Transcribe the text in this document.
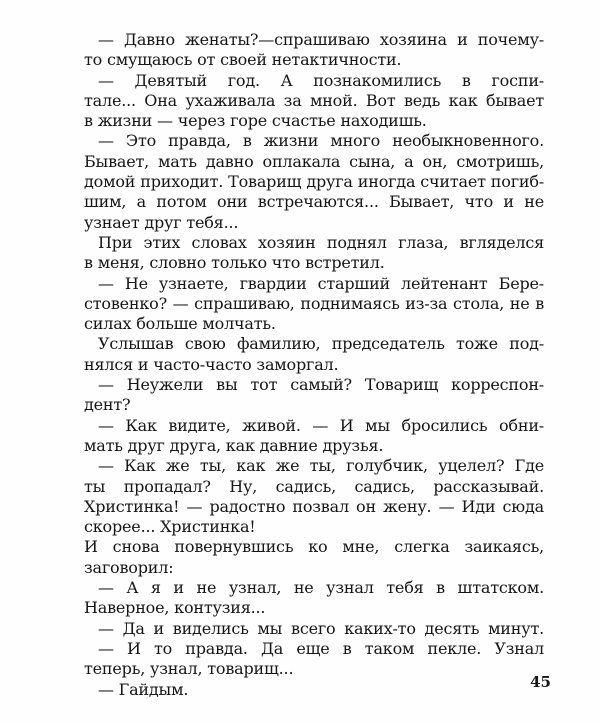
— Давно женаты?—спрашиваю хозяина и почему-
то смущаюсь от своей нетактичности.
— Девятый год. А познакомились в госпи-
тале... Она ухаживала за мной. Вот ведь как бывает
в жизни — через горе счастье находишь.
— Это правда, в жизни много необыкновенного.
Бывает, мать давно оплакала сына, а он, смотришь,
домой приходит. Товарищ друга иногда считает погиб-
шим, а потом они встречаются... Бывает, что и не
узнает друг тебя...
При этих словах хозяин поднял глаза, вгляделся
в меня, словно только что встретил.
— Не узнаете, гвардии старший лейтенант Бере-
стовенко? — спрашиваю, поднимаясь из-за стола, не в
силах больше молчать.
Услышав свою фамилию, председатель тоже под-
нялся и часто-часто заморгал.
— Неужели вы тот самый? Товарищ корреспон-
дент?
— Как видите, живой. — И мы бросились обни-
мать друг друга, как давние друзья.
— Как же ты, как же ты, голубчик, уцелел? Где
ты пропадал? Ну, садись, садись, рассказывай.
Христинка! — радостно позвал он жену. — Иди сюда
скорее... Христинка!
И снова повернувшись ко мне, слегка заикаясь,
заговорил:
— А я и не узнал, не узнал тебя в штатском.
Наверное, контузия...
— Да и виделись мы всего каких-то десять минут.
— И то правда. Да еще в таком пекле. Узнал
теперь, узнал, товарищ...
— Гайдым.	45
